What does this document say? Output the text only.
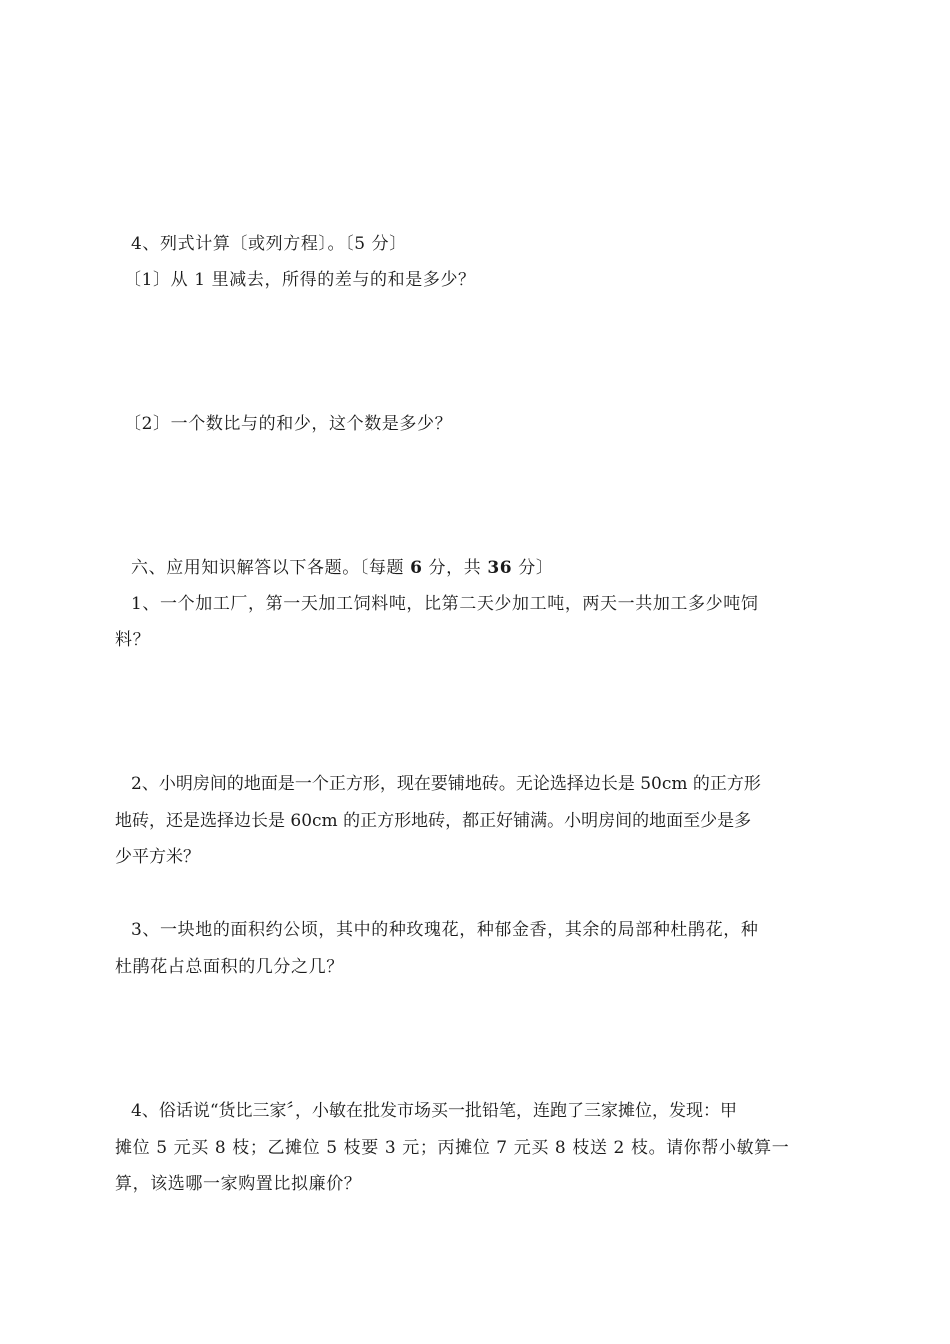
4、列式计算〔或列方程〕。〔5 分〕
〔1〕从 1 里减去，所得的差与的和是多少？
〔2〕一个数比与的和少，这个数是多少？
六、应用知识解答以下各题。〔每题 6 分，共 36 分〕
1、一个加工厂，第一天加工饲料吨，比第二天少加工吨，两天一共加工多少吨饲
料？
2、小明房间的地面是一个正方形，现在要铺地砖。无论选择边长是 50cm 的正方形
地砖，还是选择边长是 60cm 的正方形地砖，都正好铺满。小明房间的地面至少是多
少平方米？
3、一块地的面积约公顷，其中的种玫瑰花，种郁金香，其余的局部种杜鹃花，种
杜鹃花占总面积的几分之几？
4、俗话说“货比三家〞，小敏在批发市场买一批铅笔，连跑了三家摊位，发现：甲
摊位 5 元买 8 枝；乙摊位 5 枝要 3 元；丙摊位 7 元买 8 枝送 2 枝。请你帮小敏算一
算，该选哪一家购置比拟廉价？
